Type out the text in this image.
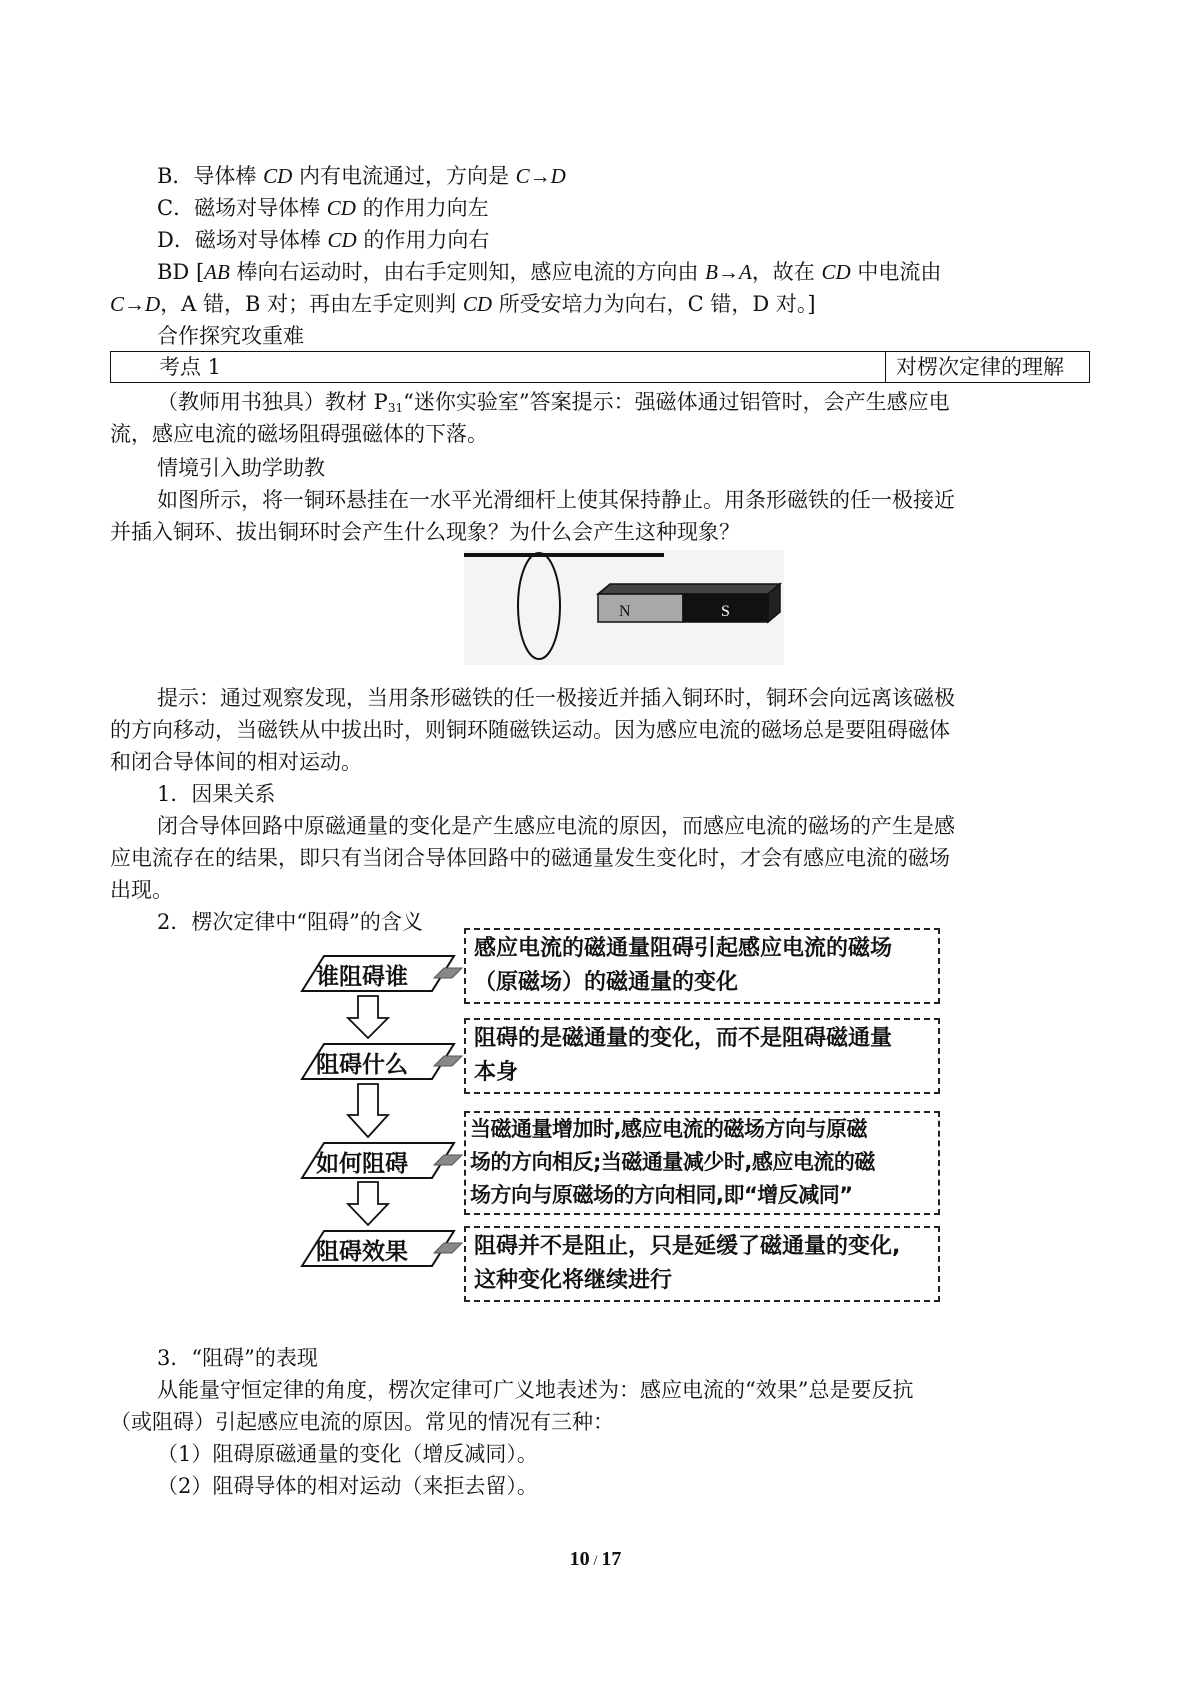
B．导体棒 CD 内有电流通过，方向是 C→D
C．磁场对导体棒 CD 的作用力向左
D．磁场对导体棒 CD 的作用力向右
BD [AB 棒向右运动时，由右手定则知，感应电流的方向由 B→A，故在 CD 中电流由
C→D，A 错，B 对；再由左手定则判 CD 所受安培力为向右，C 错，D 对。]
合作探究攻重难
考点 1	对楞次定律的理解
（教师用书独具）教材 $P_{31}“$迷你实验室”答案提示：强磁体通过铝管时，会产生感应电
流，感应电流的磁场阻碍强磁体的下落。
情境引入助学助教
如图所示，将一铜环悬挂在一水平光滑细杆上使其保持静止。用条形磁铁的任一极接近
并插入铜环、拔出铜环时会产生什么现象？为什么会产生这种现象？
N	S
提示：通过观察发现，当用条形磁铁的任一极接近并插入铜环时，铜环会向远离该磁极
的方向移动，当磁铁从中拔出时，则铜环随磁铁运动。因为感应电流的磁场总是要阻碍磁体
和闭合导体间的相对运动。
1．因果关系
闭合导体回路中原磁通量的变化是产生感应电流的原因，而感应电流的磁场的产生是感
应电流存在的结果，即只有当闭合导体回路中的磁通量发生变化时，才会有感应电流的磁场
出现。
2．楞次定律中“阻碍”的含义
谁阻碍谁
阻碍什么
如何阻碍
阻碍效果
感应电流的磁通量阻碍引起感应电流的磁场
（原磁场）的磁通量的变化
阻碍的是磁通量的变化，而不是阻碍磁通量
本身
当磁通量增加时,感应电流的磁场方向与原磁
场的方向相反;当磁通量减少时,感应电流的磁
场方向与原磁场的方向相同,即“增反减同”
阻碍并不是阻止，只是延缓了磁通量的变化,
这种变化将继续进行
3．“阻碍”的表现
从能量守恒定律的角度，楞次定律可广义地表述为：感应电流的“效果”总是要反抗
（或阻碍）引起感应电流的原因。常见的情况有三种：
（1）阻碍原磁通量的变化（增反减同）。
（2）阻碍导体的相对运动（来拒去留）。
10 / 17
